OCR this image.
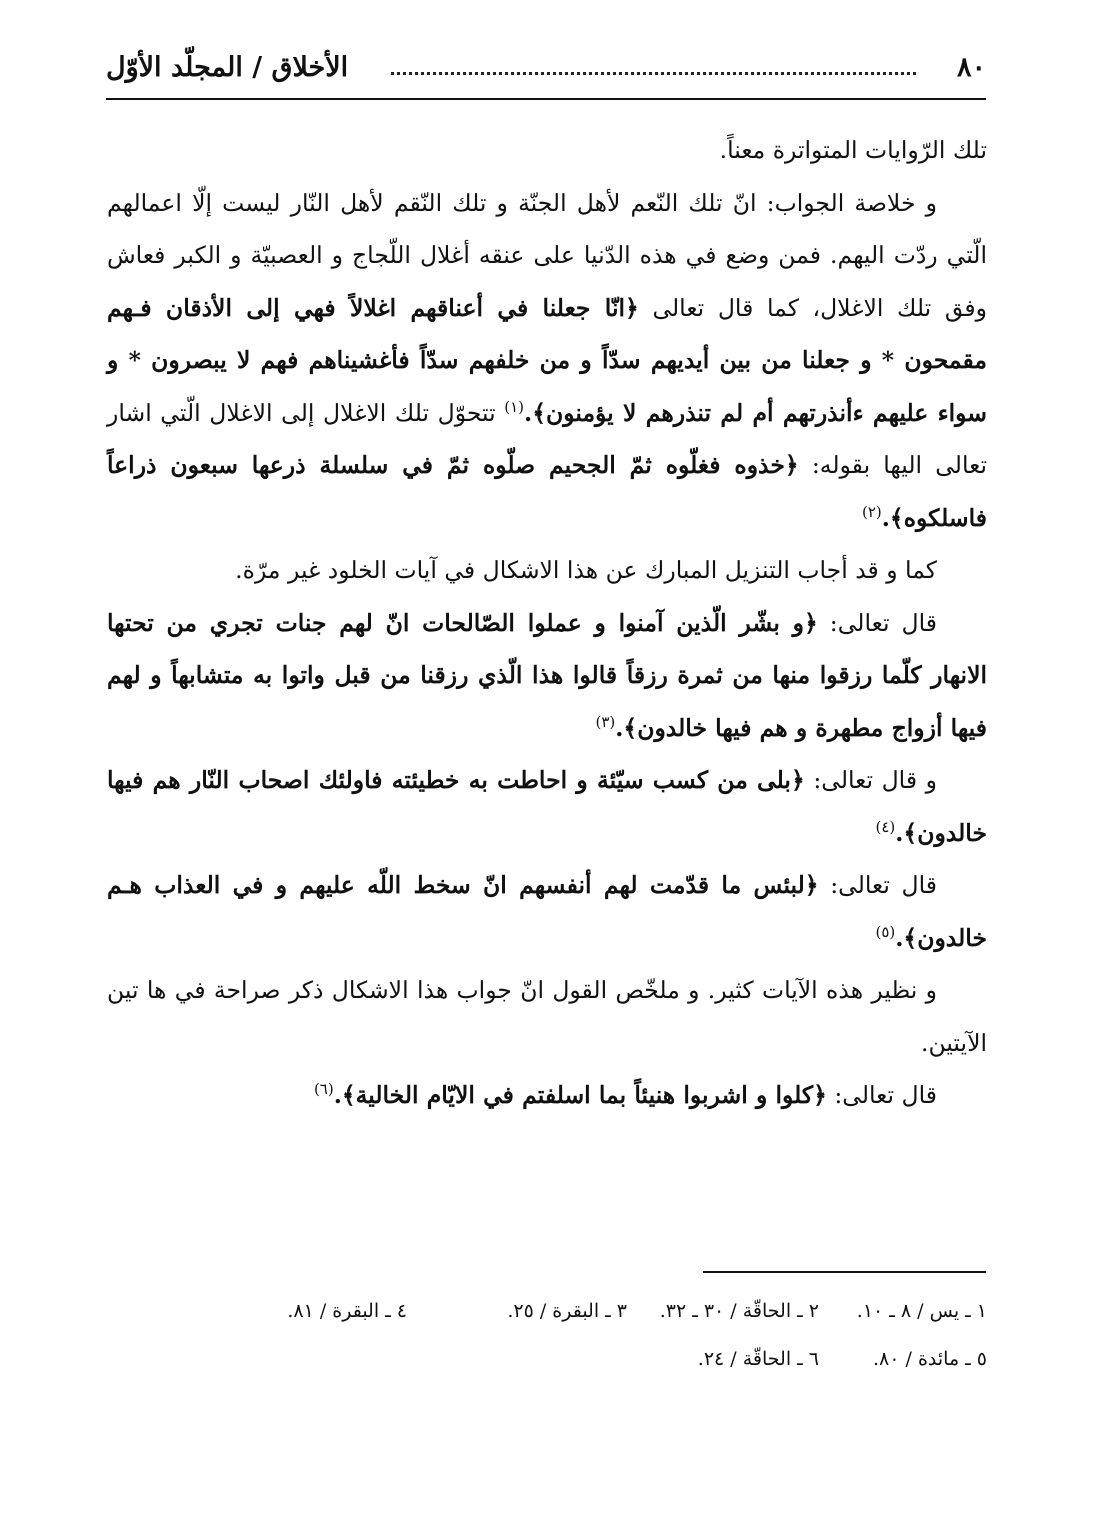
٨٠
الأخلاق / المجلّد الأوّل

تلك الرّوايات المتواترة معناً.

و خلاصة الجواب: انّ تلك النّعم لأهل الجنّة و تلك النّقم لأهل النّار ليست إلّا اعمالهم الّتي ردّت اليهم. فمن وضع في هذه الدّنيا على عنقه أغلال اللّجاج و العصبيّة و الكبر فعاش وفق تلك الاغلال، كما قال تعالى ﴿انّا جعلنا في أعناقهم اغلالاً فهي إلى الأذقان فـهم مقمحون * و جعلنا من بين أيديهم سدّاً و من خلفهم سدّاً فأغشيناهم فهم لا يبصرون * و سواء عليهم ءأنذرتهم أم لم تنذرهم لا يؤمنون﴾.$^{(١)}$ تتحوّل تلك الاغلال إلى الاغلال الّتي اشار تعالى اليها بقوله: ﴿خذوه فغلّوه ثمّ الجحيم صلّوه ثمّ في سلسلة ذرعها سبعون ذراعاً فاسلكوه﴾.$^{(٢)}$

كما و قد أجاب التنزيل المبارك عن هذا الاشكال في آيات الخلود غير مرّة.

قال تعالى: ﴿و بشّر الّذين آمنوا و عملوا الصّالحات انّ لهم جنات تجري من تحتها الانهار كلّما رزقوا منها من ثمرة رزقاً قالوا هذا الّذي رزقنا من قبل واتوا به متشابهاً و لهم فيها أزواج مطهرة و هم فيها خالدون﴾.$^{(٣)}$

و قال تعالى: ﴿بلى من كسب سيّئة و احاطت به خطيئته فاولئك اصحاب النّار هم فيها خالدون﴾.$^{(٤)}$

قال تعالى: ﴿لبئس ما قدّمت لهم أنفسهم انّ سخط اللّه عليهم و في العذاب هـم خالدون﴾.$^{(٥)}$

و نظير هذه الآيات كثير. و ملخّص القول انّ جواب هذا الاشكال ذكر صراحة في ها تين الآيتين.

قال تعالى: ﴿كلوا و اشربوا هنيئاً بما اسلفتم في الايّام الخالية﴾.$^{(٦)}$

١ ـ يس / ٨ ـ ١٠.
٢ ـ الحاقّة / ٣٠ ـ ٣٢.
٣ ـ البقرة / ٢٥.
٤ ـ البقرة / ٨١.
٥ ـ مائدة / ٨٠.
٦ ـ الحاقّة / ٢٤.
